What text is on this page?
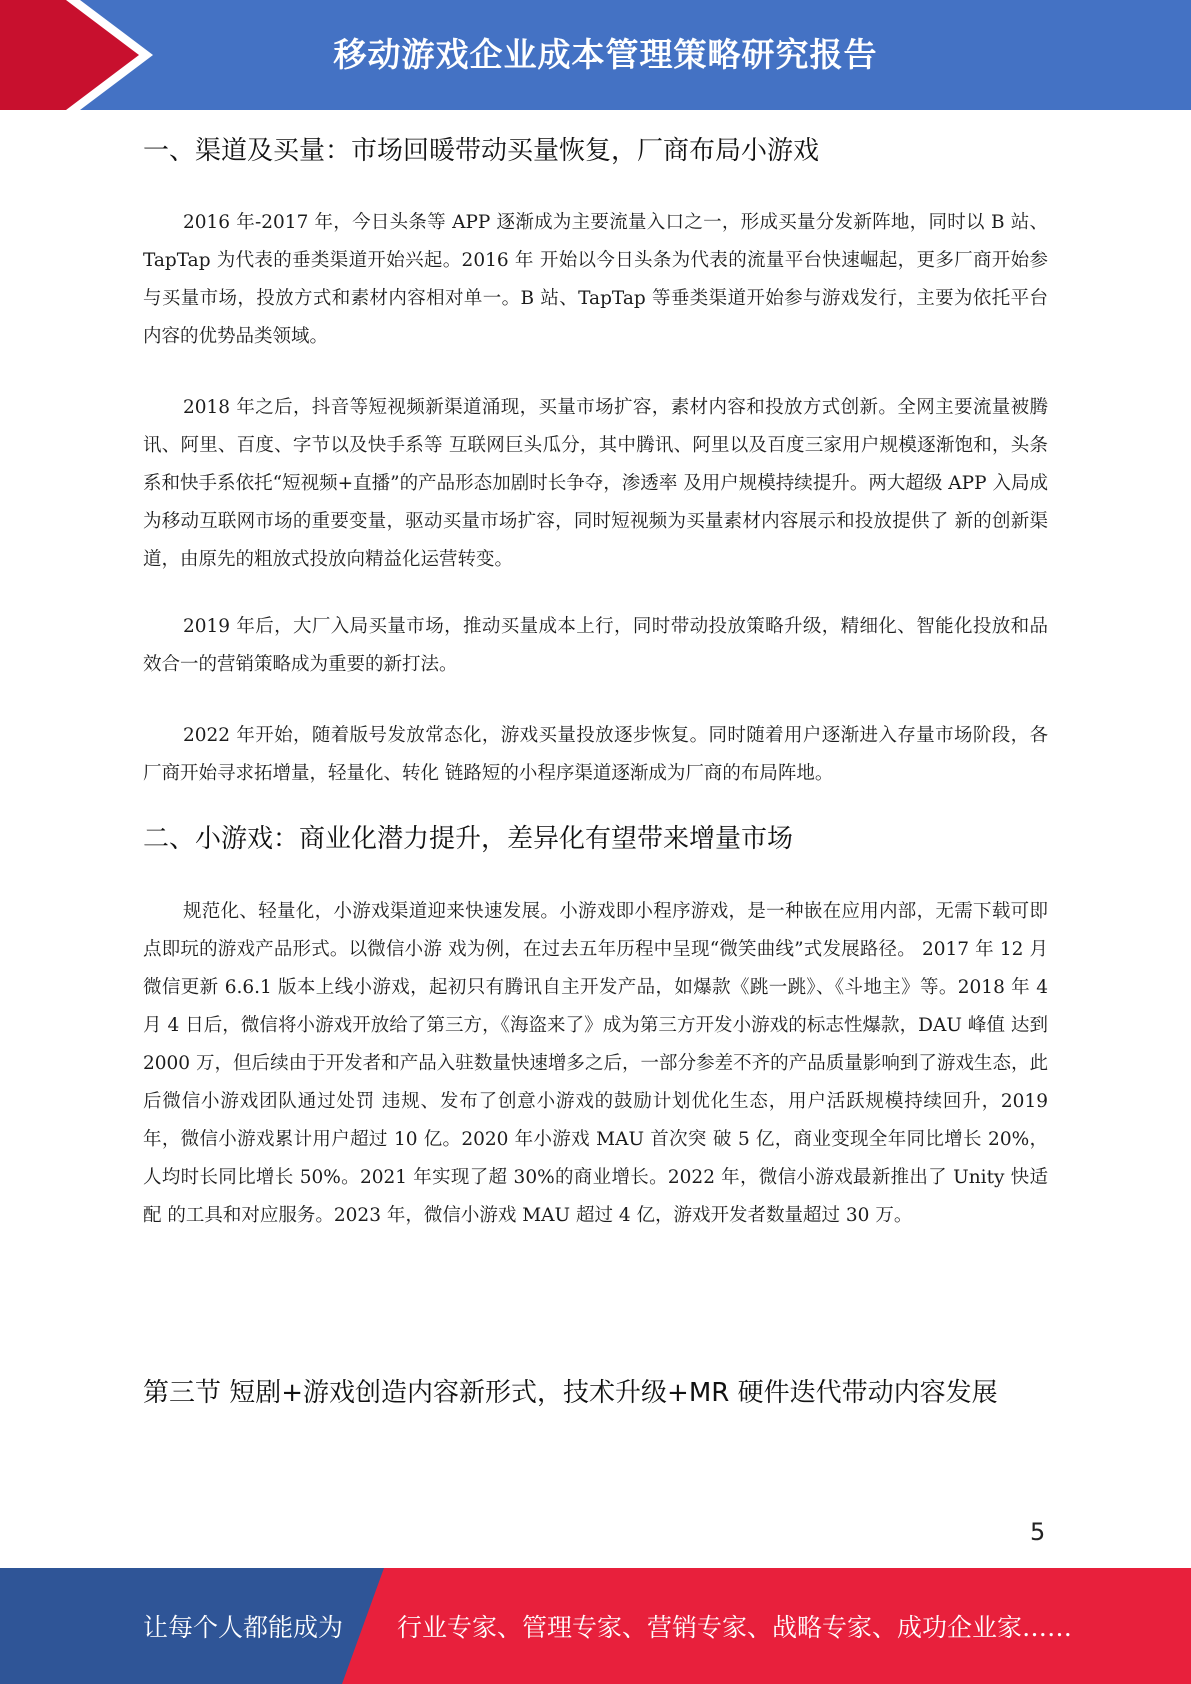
移动游戏企业成本管理策略研究报告
一、渠道及买量：市场回暖带动买量恢复，厂商布局小游戏

2016 年-2017 年，今日头条等 APP 逐渐成为主要流量入口之一，形成买量分发新阵地，同时以 B 站、TapTap 为代表的垂类渠道开始兴起。2016 年 开始以今日头条为代表的流量平台快速崛起，更多厂商开始参与买量市场，投放方式和素材内容相对单一。B 站、TapTap 等垂类渠道开始参与游戏发行，主要为依托平台内容的优势品类领域。

2018 年之后，抖音等短视频新渠道涌现，买量市场扩容，素材内容和投放方式创新。全网主要流量被腾讯、阿里、百度、字节以及快手系等 互联网巨头瓜分，其中腾讯、阿里以及百度三家用户规模逐渐饱和，头条系和快手系依托“短视频+直播”的产品形态加剧时长争夺，渗透率 及用户规模持续提升。两大超级 APP 入局成为移动互联网市场的重要变量，驱动买量市场扩容，同时短视频为买量素材内容展示和投放提供了 新的创新渠道，由原先的粗放式投放向精益化运营转变。

2019 年后，大厂入局买量市场，推动买量成本上行，同时带动投放策略升级，精细化、智能化投放和品效合一的营销策略成为重要的新打法。

2022 年开始，随着版号发放常态化，游戏买量投放逐步恢复。同时随着用户逐渐进入存量市场阶段，各厂商开始寻求拓增量，轻量化、转化 链路短的小程序渠道逐渐成为厂商的布局阵地。

二、小游戏：商业化潜力提升，差异化有望带来增量市场

规范化、轻量化，小游戏渠道迎来快速发展。小游戏即小程序游戏，是一种嵌在应用内部，无需下载可即点即玩的游戏产品形式。以微信小游 戏为例，在过去五年历程中呈现“微笑曲线”式发展路径。 2017 年 12 月微信更新 6.6.1 版本上线小游戏，起初只有腾讯自主开发产品，如爆款《跳一跳》、《斗地主》等。2018 年 4 月 4 日后，微信将小游戏开放给了第三方，《海盗来了》成为第三方开发小游戏的标志性爆款，DAU 峰值 达到 2000 万，但后续由于开发者和产品入驻数量快速增多之后，一部分参差不齐的产品质量影响到了游戏生态，此后微信小游戏团队通过处罚 违规、发布了创意小游戏的鼓励计划优化生态，用户活跃规模持续回升，2019 年，微信小游戏累计用户超过 10 亿。2020 年小游戏 MAU 首次突 破 5 亿，商业变现全年同比增长 20%，人均时长同比增长 50%。2021 年实现了超 30%的商业增长。2022 年，微信小游戏最新推出了 Unity 快适配 的工具和对应服务。2023 年，微信小游戏 MAU 超过 4 亿，游戏开发者数量超过 30 万。

第三节 短剧+游戏创造内容新形式，技术升级+MR 硬件迭代带动内容发展
5
让每个人都能成为 行业专家、管理专家、营销专家、战略专家、成功企业家……
